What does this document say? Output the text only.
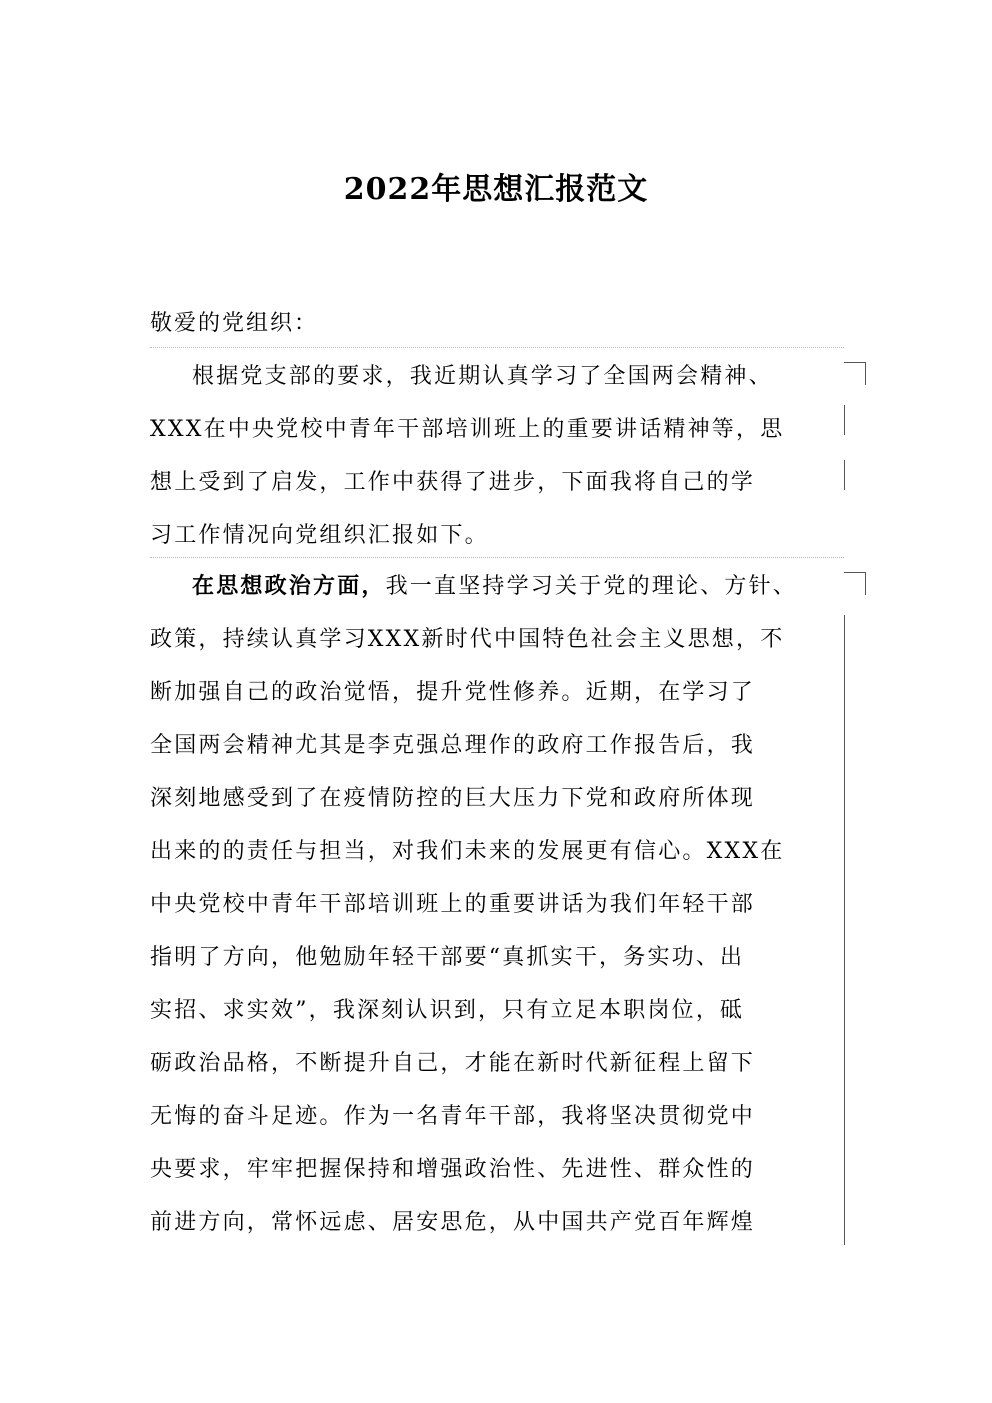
2022年思想汇报范文

敬爱的党组织：

根据党支部的要求，我近期认真学习了全国两会精神、
XXX在中央党校中青年干部培训班上的重要讲话精神等，思
想上受到了启发，工作中获得了进步，下面我将自己的学
习工作情况向党组织汇报如下。
在思想政治方面，我一直坚持学习关于党的理论、方针、
政策，持续认真学习XXX新时代中国特色社会主义思想，不
断加强自己的政治觉悟，提升党性修养。近期，在学习了
全国两会精神尤其是李克强总理作的政府工作报告后，我
深刻地感受到了在疫情防控的巨大压力下党和政府所体现
出来的的责任与担当，对我们未来的发展更有信心。XXX在
中央党校中青年干部培训班上的重要讲话为我们年轻干部
指明了方向，他勉励年轻干部要“真抓实干，务实功、出
实招、求实效”，我深刻认识到，只有立足本职岗位，砥
砺政治品格，不断提升自己，才能在新时代新征程上留下
无悔的奋斗足迹。作为一名青年干部，我将坚决贯彻党中
央要求，牢牢把握保持和增强政治性、先进性、群众性的
前进方向，常怀远虑、居安思危，从中国共产党百年辉煌
